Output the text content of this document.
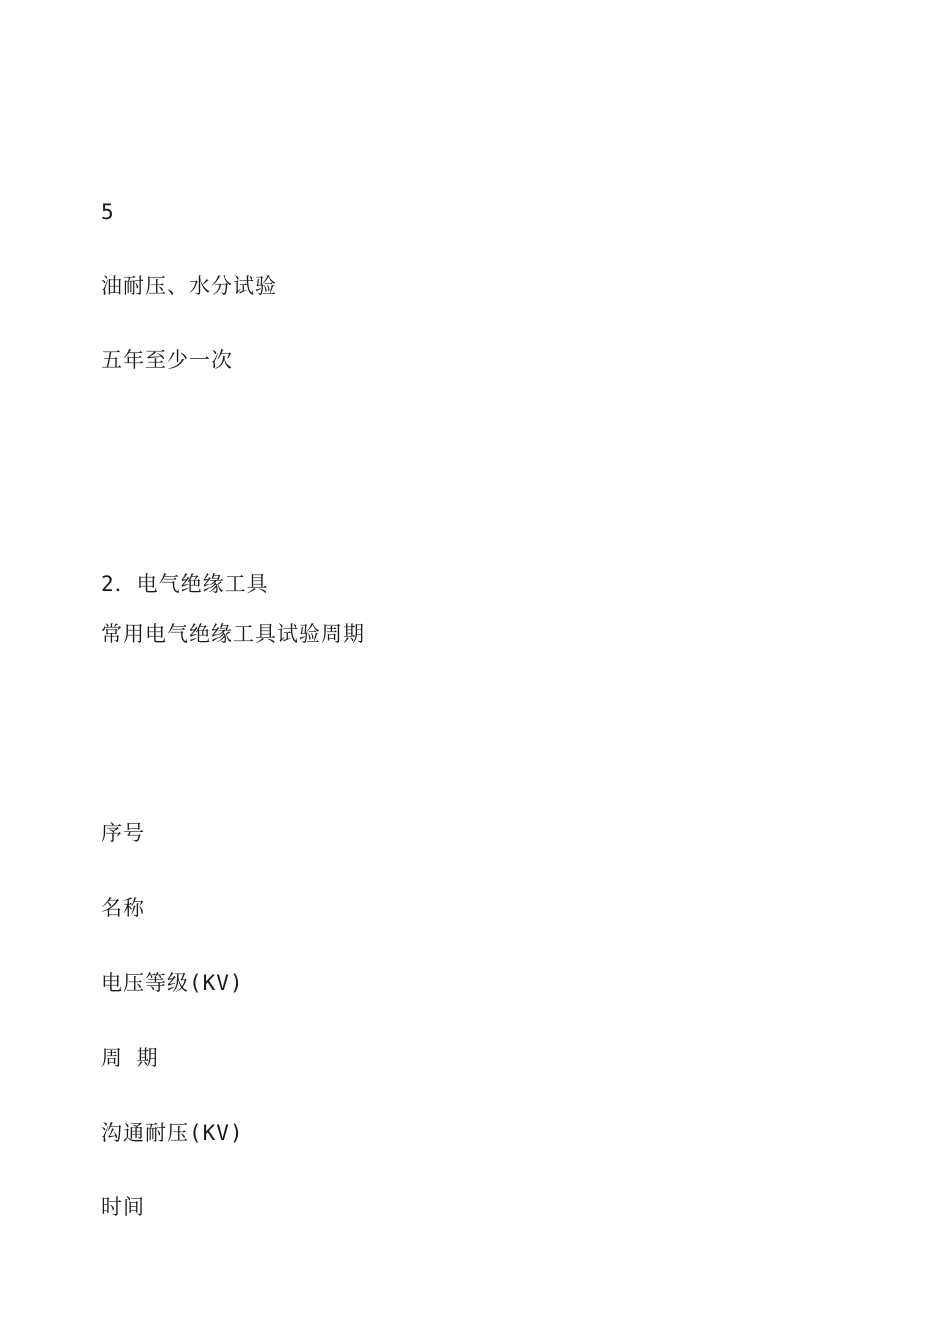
5
油耐压、水分试验
五年至少一次
2．电气绝缘工具
常用电气绝缘工具试验周期
序号
名称
电压等级(KV)
周 期
沟通耐压(KV)
时间
